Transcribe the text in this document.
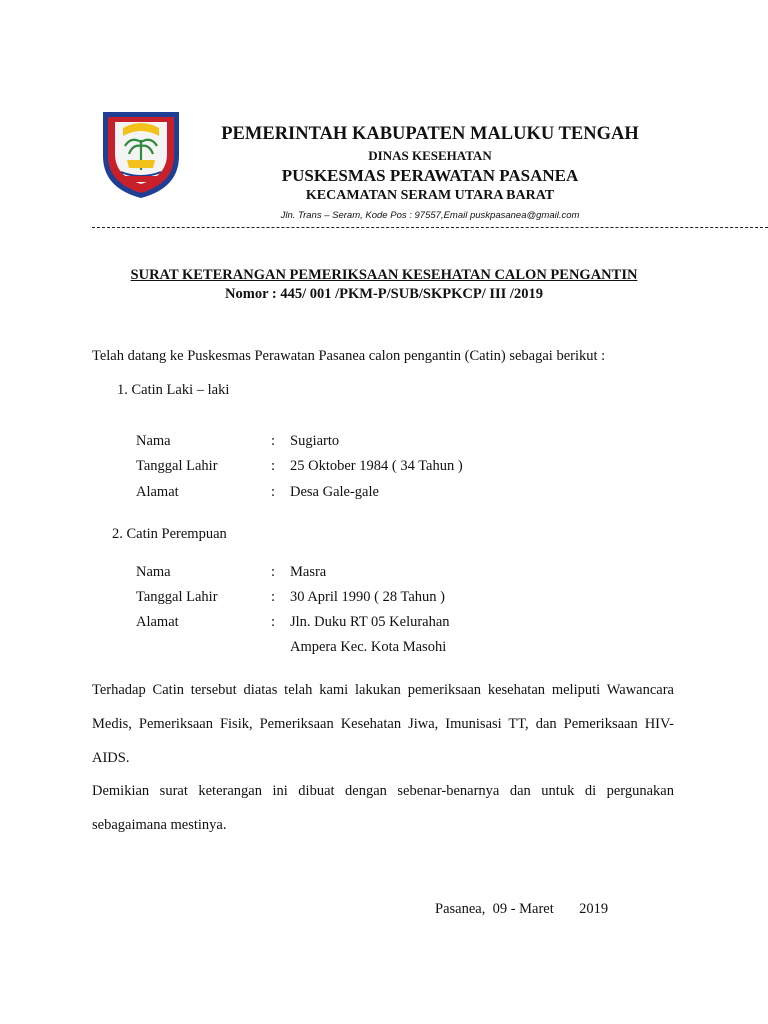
PEMERINTAH KABUPATEN MALUKU TENGAH
DINAS KESEHATAN
PUSKESMAS PERAWATAN PASANEA
KECAMATAN SERAM UTARA BARAT
Jln. Trans – Seram, Kode Pos : 97557,Email puskpasanea@gmail.com
SURAT KETERANGAN PEMERIKSAAN KESEHATAN CALON PENGANTIN
Nomor : 445/ 001 /PKM-P/SUB/SKPKCP/ III /2019
Telah datang ke Puskesmas Perawatan Pasanea calon pengantin (Catin) sebagai berikut :
1. Catin Laki – laki
Nama	: Sugiarto
Tanggal Lahir	: 25 Oktober 1984 ( 34 Tahun )
Alamat	: Desa Gale-gale
2. Catin Perempuan
Nama	: Masra
Tanggal Lahir	: 30 April 1990 ( 28 Tahun )
Alamat	: Jln. Duku RT 05 Kelurahan
Ampera Kec. Kota Masohi
Terhadap Catin tersebut diatas telah kami lakukan pemeriksaan kesehatan meliputi Wawancara
Medis, Pemeriksaan Fisik, Pemeriksaan Kesehatan Jiwa, Imunisasi TT, dan Pemeriksaan HIV-
AIDS.
Demikian surat keterangan ini dibuat dengan sebenar-benarnya dan untuk di pergunakan
sebagaimana mestinya.
Pasanea,  09 - Maret       2019
